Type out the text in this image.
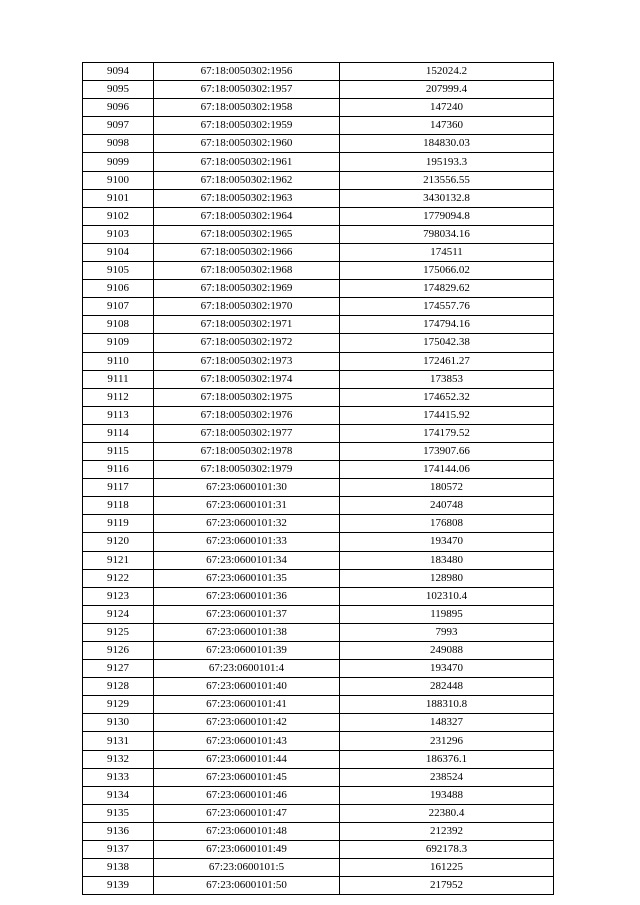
9094	67:18:0050302:1956	152024.2
9095	67:18:0050302:1957	207999.4
9096	67:18:0050302:1958	147240
9097	67:18:0050302:1959	147360
9098	67:18:0050302:1960	184830.03
9099	67:18:0050302:1961	195193.3
9100	67:18:0050302:1962	213556.55
9101	67:18:0050302:1963	3430132.8
9102	67:18:0050302:1964	1779094.8
9103	67:18:0050302:1965	798034.16
9104	67:18:0050302:1966	174511
9105	67:18:0050302:1968	175066.02
9106	67:18:0050302:1969	174829.62
9107	67:18:0050302:1970	174557.76
9108	67:18:0050302:1971	174794.16
9109	67:18:0050302:1972	175042.38
9110	67:18:0050302:1973	172461.27
9111	67:18:0050302:1974	173853
9112	67:18:0050302:1975	174652.32
9113	67:18:0050302:1976	174415.92
9114	67:18:0050302:1977	174179.52
9115	67:18:0050302:1978	173907.66
9116	67:18:0050302:1979	174144.06
9117	67:23:0600101:30	180572
9118	67:23:0600101:31	240748
9119	67:23:0600101:32	176808
9120	67:23:0600101:33	193470
9121	67:23:0600101:34	183480
9122	67:23:0600101:35	128980
9123	67:23:0600101:36	102310.4
9124	67:23:0600101:37	119895
9125	67:23:0600101:38	7993
9126	67:23:0600101:39	249088
9127	67:23:0600101:4	193470
9128	67:23:0600101:40	282448
9129	67:23:0600101:41	188310.8
9130	67:23:0600101:42	148327
9131	67:23:0600101:43	231296
9132	67:23:0600101:44	186376.1
9133	67:23:0600101:45	238524
9134	67:23:0600101:46	193488
9135	67:23:0600101:47	22380.4
9136	67:23:0600101:48	212392
9137	67:23:0600101:49	692178.3
9138	67:23:0600101:5	161225
9139	67:23:0600101:50	217952
